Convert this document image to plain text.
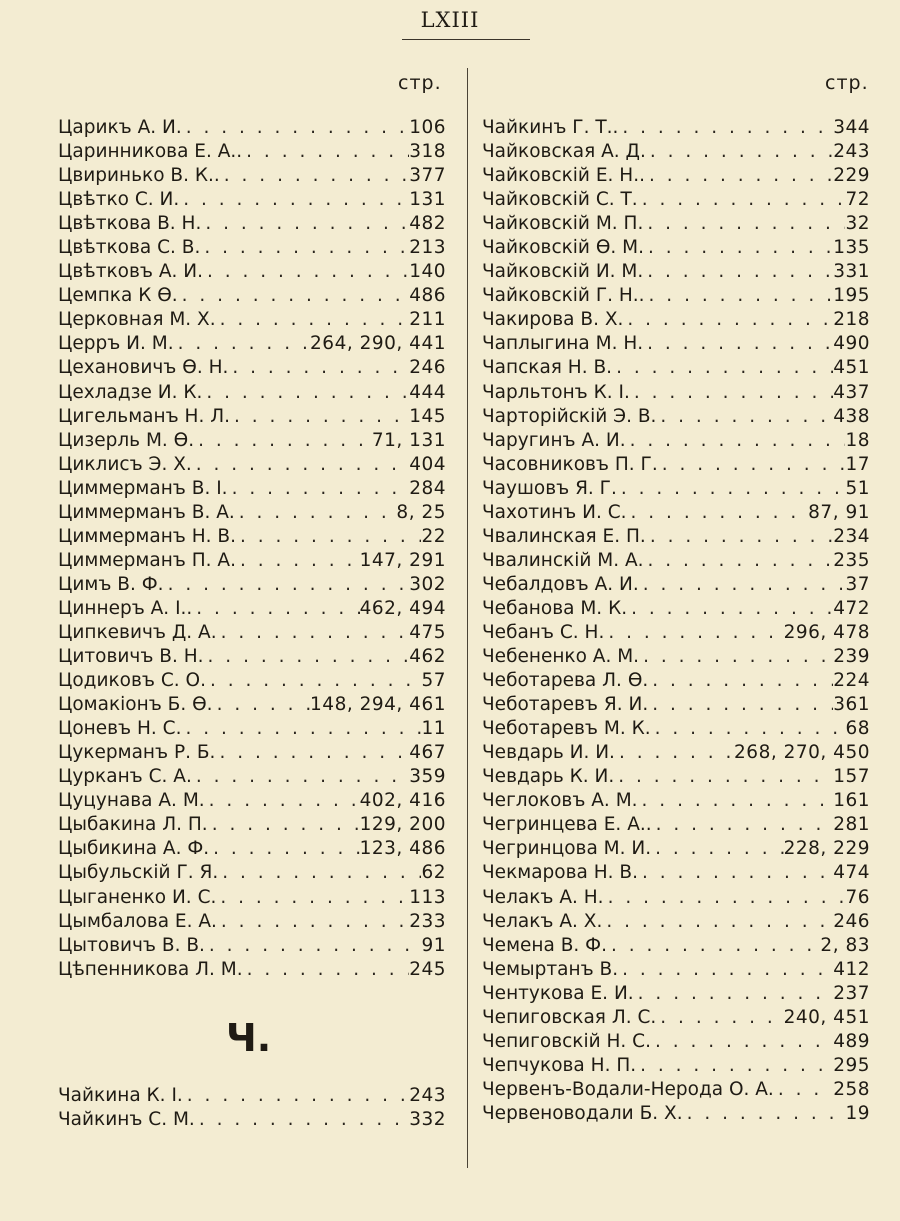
LXIII
стр.	стр.
Царикъ А. И. . . .	106
Царинникова Е. А.. . . .	318
Цвиринько В. К.. . . .	377
Цвѣтко С. И. . . .	131
Цвѣткова В. Н. . . .	482
Цвѣткова С. В. . . .	213
Цвѣтковъ А. И. . . .	140
Цемпка К Ѳ. . . .	486
Церковная М. Х. . . .	211
Церръ И. М. . . .	264, 290, 441
Цехановичъ Ѳ. Н. . . .	246
Цехладзе И. К. . . .	444
Цигельманъ Н. Л. . . .	145
Цизерль М. Ѳ. . . .	71, 131
Циклисъ Э. Х. . . .	404
Циммерманъ В. І. . . .	284
Циммерманъ В. А. . . .	8, 25
Циммерманъ Н. В. . . .	22
Циммерманъ П. А. . . .	147, 291
Цимъ В. Ф. . . .	302
Циннеръ А. І.. . . .	462, 494
Ципкевичъ Д. А. . . .	475
Цитовичъ В. Н. . . .	462
Цодиковъ С. О. . . .	57
Цомакіонъ Б. Ѳ. . . .	148, 294, 461
Цоневъ Н. С. . . .	11
Цукерманъ Р. Б. . . .	467
Цурканъ С. А. . . .	359
Цуцунава А. М. . . .	402, 416
Цыбакина Л. П. . . .	129, 200
Цыбикина А. Ф. . . .	123, 486
Цыбульскій Г. Я. . . .	62
Цыганенко И. С. . . .	113
Цымбалова Е. А. . . .	233
Цытовичъ В. В. . . .	91
Цѣпенникова Л. М. . . .	245
Ч.
Чайкина К. І. . . .	243
Чайкинъ С. М. . . .	332
Чайкинъ Г. Т.. . . .	344
Чайковская А. Д. . . .	243
Чайковскій Е. Н.. . . .	229
Чайковскій С. Т. . . .	72
Чайковскій М. П. . . .	32
Чайковскій Ѳ. М. . . .	135
Чайковскій И. М. . . .	331
Чайковскій Г. Н.. . . .	195
Чакирова В. Х. . . .	218
Чаплыгина М. Н. . . .	490
Чапская Н. В. . . .	451
Чарльтонъ К. І. . . .	437
Чарторійскій Э. В. . . .	438
Чаругинъ А. И. . . .	18
Часовниковъ П. Г. . . .	17
Чаушовъ Я. Г. . . .	51
Чахотинъ И. С. . . .	87, 91
Чвалинская Е. П. . . .	234
Чвалинскій М. А. . . .	235
Чебалдовъ А. И. . . .	37
Чебанова М. К. . . .	472
Чебанъ С. Н. . . .	296, 478
Чебененко А. М. . . .	239
Чеботарева Л. Ѳ. . . .	224
Чеботаревъ Я. И. . . .	361
Чеботаревъ М. К. . . .	68
Чевдарь И. И. . . .	268, 270, 450
Чевдарь К. И. . . .	157
Чеглоковъ А. М. . . .	161
Чегринцева Е. А.. . . .	281
Чегринцова М. И. . . .	228, 229
Чекмарова Н. В. . . .	474
Челакъ А. Н. . . .	76
Челакъ А. Х. . . .	246
Чемена В. Ф. . . .	2, 83
Чемыртанъ В. . . .	412
Чентукова Е. И. . . .	237
Чепиговская Л. С. . . .	240, 451
Чепиговскій Н. С. . . .	489
Чепчукова Н. П. . . .	295
Червенъ-Водали-Нерода О. А. . . .	258
Червеноводали Б. Х. . . .	19
